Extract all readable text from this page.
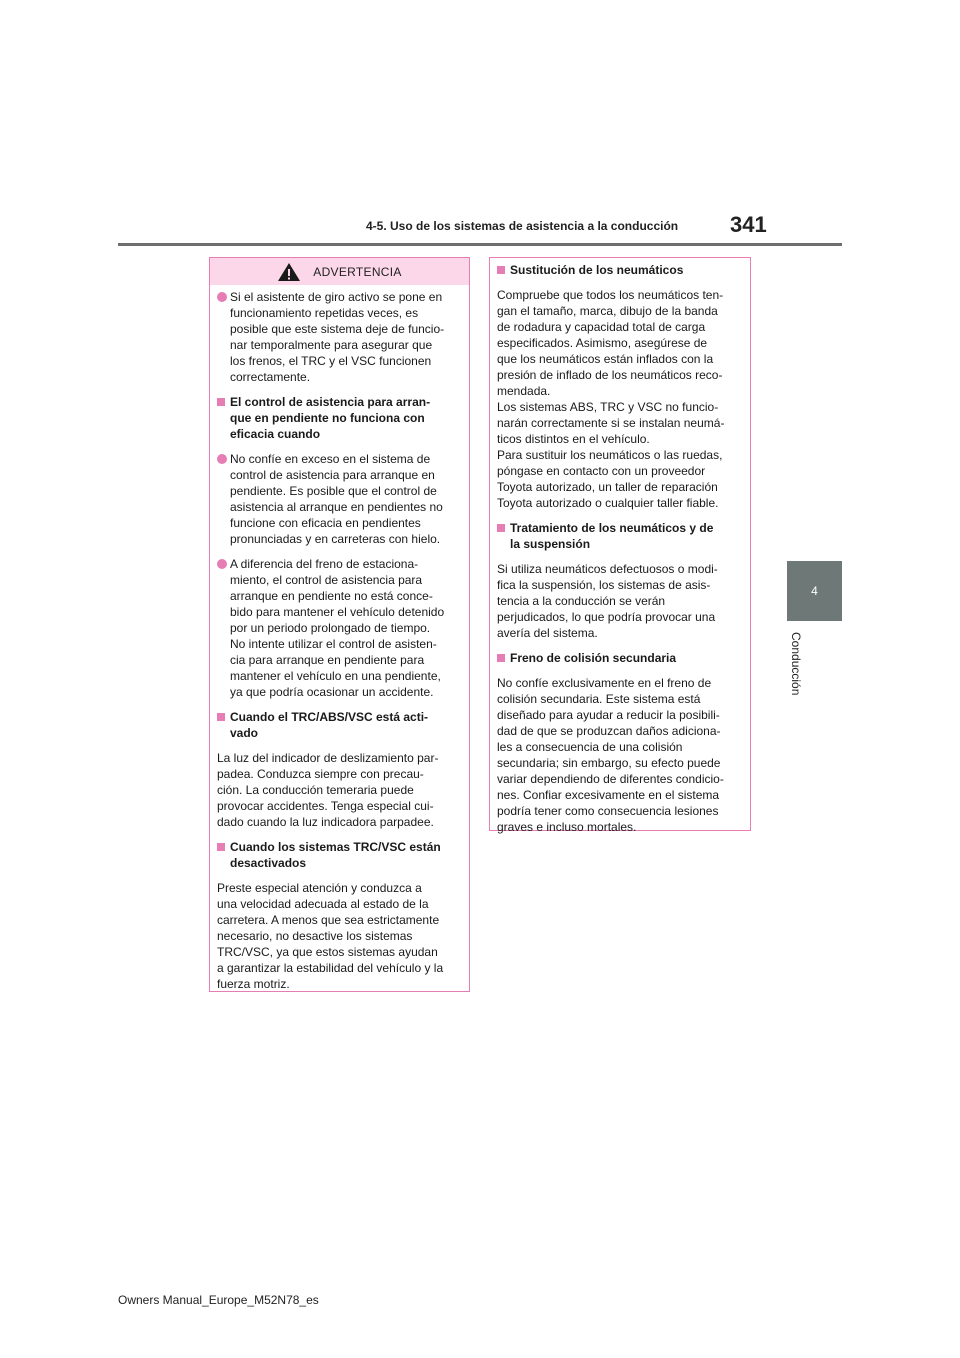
4-5. Uso de los sistemas de asistencia a la conducción	341
4
Conducción
ADVERTENCIA
Si el asistente de giro activo se pone en
funcionamiento repetidas veces, es
posible que este sistema deje de funcio-
nar temporalmente para asegurar que
los frenos, el TRC y el VSC funcionen
correctamente.
El control de asistencia para arran-
que en pendiente no funciona con
eficacia cuando
No confíe en exceso en el sistema de
control de asistencia para arranque en
pendiente. Es posible que el control de
asistencia al arranque en pendientes no
funcione con eficacia en pendientes
pronunciadas y en carreteras con hielo.
A diferencia del freno de estaciona-
miento, el control de asistencia para
arranque en pendiente no está conce-
bido para mantener el vehículo detenido
por un periodo prolongado de tiempo.
No intente utilizar el control de asisten-
cia para arranque en pendiente para
mantener el vehículo en una pendiente,
ya que podría ocasionar un accidente.
Cuando el TRC/ABS/VSC está acti-
vado
La luz del indicador de deslizamiento par-
padea. Conduzca siempre con precau-
ción. La conducción temeraria puede
provocar accidentes. Tenga especial cui-
dado cuando la luz indicadora parpadee.
Cuando los sistemas TRC/VSC están
desactivados
Preste especial atención y conduzca a
una velocidad adecuada al estado de la
carretera. A menos que sea estrictamente
necesario, no desactive los sistemas
TRC/VSC, ya que estos sistemas ayudan
a garantizar la estabilidad del vehículo y la
fuerza motriz.
Sustitución de los neumáticos
Compruebe que todos los neumáticos ten-
gan el tamaño, marca, dibujo de la banda
de rodadura y capacidad total de carga
especificados. Asimismo, asegúrese de
que los neumáticos están inflados con la
presión de inflado de los neumáticos reco-
mendada.
Los sistemas ABS, TRC y VSC no funcio-
narán correctamente si se instalan neumá-
ticos distintos en el vehículo.
Para sustituir los neumáticos o las ruedas,
póngase en contacto con un proveedor
Toyota autorizado, un taller de reparación
Toyota autorizado o cualquier taller fiable.
Tratamiento de los neumáticos y de
la suspensión
Si utiliza neumáticos defectuosos o modi-
fica la suspensión, los sistemas de asis-
tencia a la conducción se verán
perjudicados, lo que podría provocar una
avería del sistema.
Freno de colisión secundaria
No confíe exclusivamente en el freno de
colisión secundaria. Este sistema está
diseñado para ayudar a reducir la posibili-
dad de que se produzcan daños adiciona-
les a consecuencia de una colisión
secundaria; sin embargo, su efecto puede
variar dependiendo de diferentes condicio-
nes. Confiar excesivamente en el sistema
podría tener como consecuencia lesiones
graves e incluso mortales.
Owners Manual_Europe_M52N78_es
